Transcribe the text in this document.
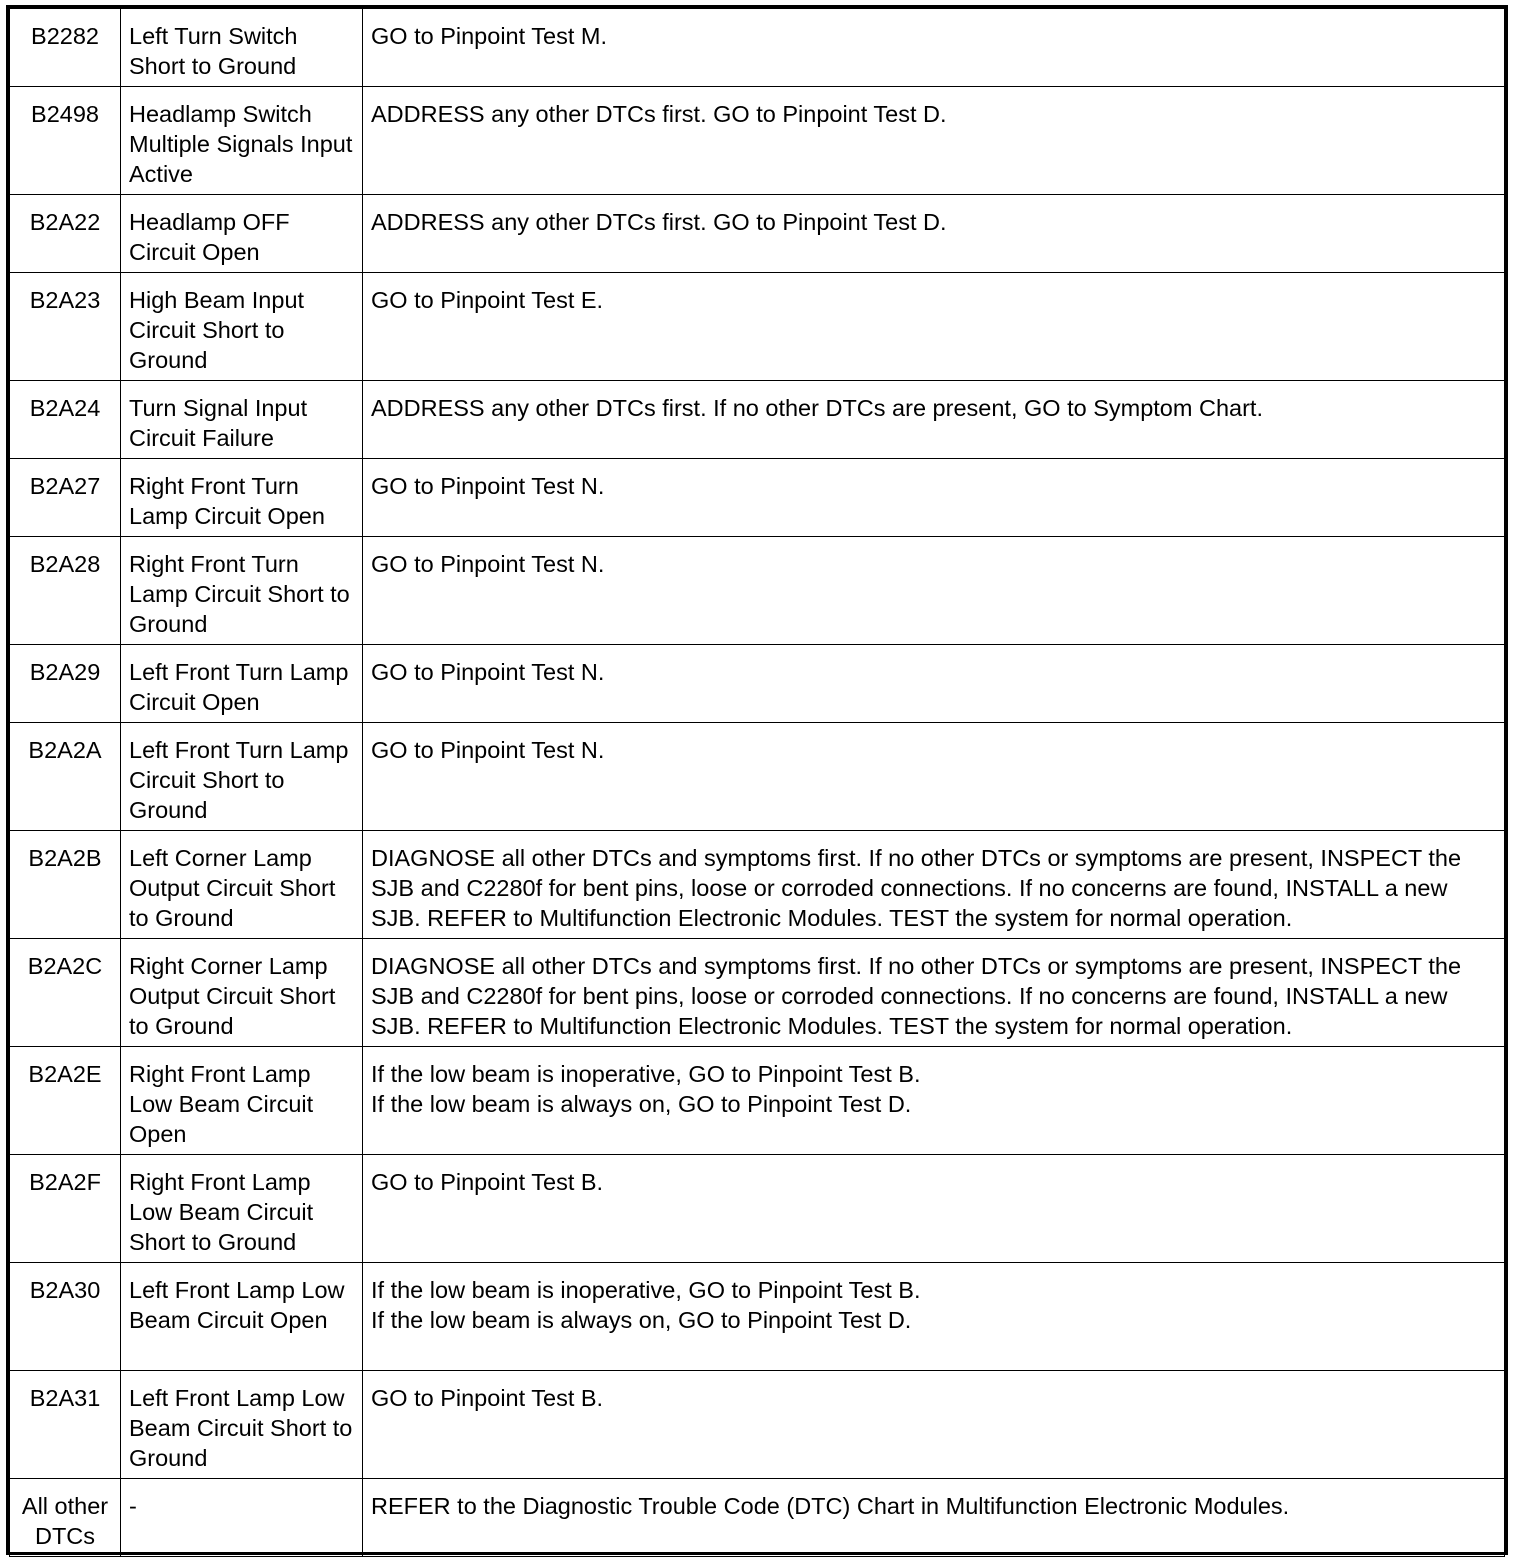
B2282	Left Turn Switch Short to Ground	GO to Pinpoint Test M.
B2498	Headlamp Switch Multiple Signals Input Active	ADDRESS any other DTCs first. GO to Pinpoint Test D.
B2A22	Headlamp OFF Circuit Open	ADDRESS any other DTCs first. GO to Pinpoint Test D.
B2A23	High Beam Input Circuit Short to Ground	GO to Pinpoint Test E.
B2A24	Turn Signal Input Circuit Failure	ADDRESS any other DTCs first. If no other DTCs are present, GO to Symptom Chart.
B2A27	Right Front Turn Lamp Circuit Open	GO to Pinpoint Test N.
B2A28	Right Front Turn Lamp Circuit Short to Ground	GO to Pinpoint Test N.
B2A29	Left Front Turn Lamp Circuit Open	GO to Pinpoint Test N.
B2A2A	Left Front Turn Lamp Circuit Short to Ground	GO to Pinpoint Test N.
B2A2B	Left Corner Lamp Output Circuit Short to Ground	DIAGNOSE all other DTCs and symptoms first. If no other DTCs or symptoms are present, INSPECT the SJB and C2280f for bent pins, loose or corroded connections. If no concerns are found, INSTALL a new SJB. REFER to Multifunction Electronic Modules. TEST the system for normal operation.
B2A2C	Right Corner Lamp Output Circuit Short to Ground	DIAGNOSE all other DTCs and symptoms first. If no other DTCs or symptoms are present, INSPECT the SJB and C2280f for bent pins, loose or corroded connections. If no concerns are found, INSTALL a new SJB. REFER to Multifunction Electronic Modules. TEST the system for normal operation.
B2A2E	Right Front Lamp Low Beam Circuit Open	If the low beam is inoperative, GO to Pinpoint Test B.
If the low beam is always on, GO to Pinpoint Test D.
B2A2F	Right Front Lamp Low Beam Circuit Short to Ground	GO to Pinpoint Test B.
B2A30	Left Front Lamp Low Beam Circuit Open	If the low beam is inoperative, GO to Pinpoint Test B.
If the low beam is always on, GO to Pinpoint Test D.
B2A31	Left Front Lamp Low Beam Circuit Short to Ground	GO to Pinpoint Test B.
All other DTCs	-	REFER to the Diagnostic Trouble Code (DTC) Chart in Multifunction Electronic Modules.
